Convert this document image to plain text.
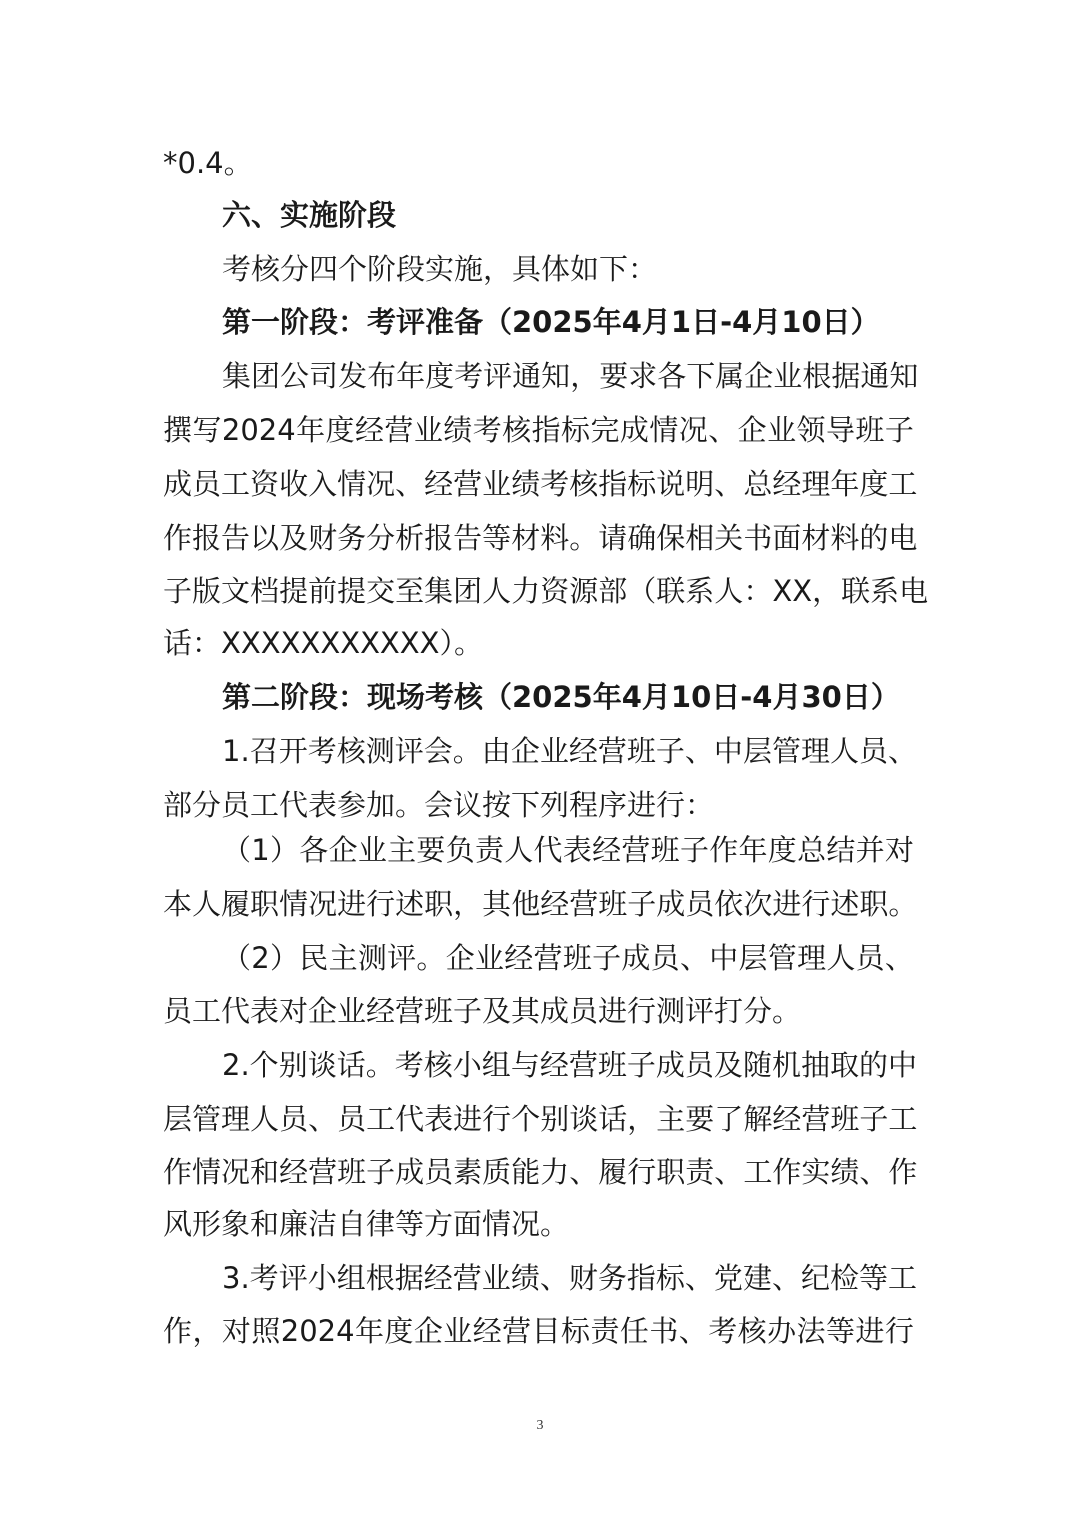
*0.4。

六、实施阶段

考核分四个阶段实施，具体如下：

第一阶段：考评准备（2025年4月1日-4月10日）

集 团 公 司 发 布 年 度 考 评 通 知 ， 要 求 各 下 属 企 业 根 据 通 知

撰 写 2024 年 度 经 营 业 绩 考 核 指 标 完 成 情 况 、 企 业 领 导 班 子

成 员 工 资 收 入 情 况 、 经 营 业 绩 考 核 指 标 说 明 、 总 经 理 年 度 工

作 报 告 以 及 财 务 分 析 报 告 等 材 料 。 请 确 保 相 关 书 面 材 料 的 电

子 版 文 档 提 前 提 交 至 集 团 人 力 资 源 部 （ 联 系 人 ： XX ， 联 系 电

话：XXXXXXXXXXX）。

第二阶段：现场考核（2025年4月10日-4月30日）

1. 召 开 考 核 测 评 会 。 由 企 业 经 营 班 子 、 中 层 管 理 人 员 、

部分员工代表参加。会议按下列程序进行：

（ 1 ） 各 企 业 主 要 负 责 人 代 表 经 营 班 子 作 年 度 总 结 并 对

本 人 履 职 情 况 进 行 述 职 ， 其 他 经 营 班 子 成 员 依 次 进 行 述 职 。

（ 2 ） 民 主 测 评 。 企 业 经 营 班 子 成 员 、 中 层 管 理 人 员 、

员工代表对企业经营班子及其成员进行测评打分。

2. 个 别 谈 话 。 考 核 小 组 与 经 营 班 子 成 员 及 随 机 抽 取 的 中

层 管 理 人 员 、 员 工 代 表 进 行 个 别 谈 话 ， 主 要 了 解 经 营 班 子 工

作 情 况 和 经 营 班 子 成 员 素 质 能 力 、 履 行 职 责 、 工 作 实 绩 、 作

风形象和廉洁自律等方面情况。

3. 考 评 小 组 根 据 经 营 业 绩 、 财 务 指 标 、 党 建 、 纪 检 等 工

作 ， 对 照 2024 年 度 企 业 经 营 目 标 责 任 书 、 考 核 办 法 等 进 行

3
